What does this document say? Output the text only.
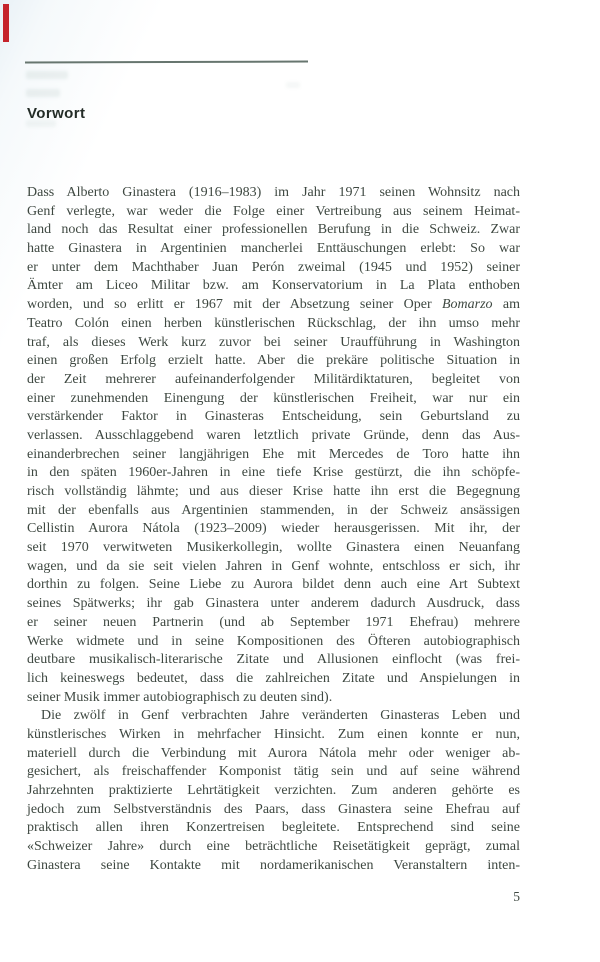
Vorwort
Dass Alberto Ginastera (1916–1983) im Jahr 1971 seinen Wohnsitz nach
Genf verlegte, war weder die Folge einer Vertreibung aus seinem Heimat-
land noch das Resultat einer professionellen Berufung in die Schweiz. Zwar
hatte Ginastera in Argentinien mancherlei Enttäuschungen erlebt: So war
er unter dem Machthaber Juan Perón zweimal (1945 und 1952) seiner
Ämter am Liceo Militar bzw. am Konservatorium in La Plata enthoben
worden, und so erlitt er 1967 mit der Absetzung seiner Oper Bomarzo am
Teatro Colón einen herben künstlerischen Rückschlag, der ihn umso mehr
traf, als dieses Werk kurz zuvor bei seiner Uraufführung in Washington
einen großen Erfolg erzielt hatte. Aber die prekäre politische Situation in
der Zeit mehrerer aufeinanderfolgender Militärdiktaturen, begleitet von
einer zunehmenden Einengung der künstlerischen Freiheit, war nur ein
verstärkender Faktor in Ginasteras Entscheidung, sein Geburtsland zu
verlassen. Ausschlaggebend waren letztlich private Gründe, denn das Aus-
einanderbrechen seiner langjährigen Ehe mit Mercedes de Toro hatte ihn
in den späten 1960er-Jahren in eine tiefe Krise gestürzt, die ihn schöpfe-
risch vollständig lähmte; und aus dieser Krise hatte ihn erst die Begegnung
mit der ebenfalls aus Argentinien stammenden, in der Schweiz ansässigen
Cellistin Aurora Nátola (1923–2009) wieder herausgerissen. Mit ihr, der
seit 1970 verwitweten Musikerkollegin, wollte Ginastera einen Neuanfang
wagen, und da sie seit vielen Jahren in Genf wohnte, entschloss er sich, ihr
dorthin zu folgen. Seine Liebe zu Aurora bildet denn auch eine Art Subtext
seines Spätwerks; ihr gab Ginastera unter anderem dadurch Ausdruck, dass
er seiner neuen Partnerin (und ab September 1971 Ehefrau) mehrere
Werke widmete und in seine Kompositionen des Öfteren autobiographisch
deutbare musikalisch-literarische Zitate und Allusionen einflocht (was frei-
lich keineswegs bedeutet, dass die zahlreichen Zitate und Anspielungen in
seiner Musik immer autobiographisch zu deuten sind).
Die zwölf in Genf verbrachten Jahre veränderten Ginasteras Leben und
künstlerisches Wirken in mehrfacher Hinsicht. Zum einen konnte er nun,
materiell durch die Verbindung mit Aurora Nátola mehr oder weniger ab-
gesichert, als freischaffender Komponist tätig sein und auf seine während
Jahrzehnten praktizierte Lehrtätigkeit verzichten. Zum anderen gehörte es
jedoch zum Selbstverständnis des Paars, dass Ginastera seine Ehefrau auf
praktisch allen ihren Konzertreisen begleitete. Entsprechend sind seine
«Schweizer Jahre» durch eine beträchtliche Reisetätigkeit geprägt, zumal
Ginastera seine Kontakte mit nordamerikanischen Veranstaltern inten-
5
